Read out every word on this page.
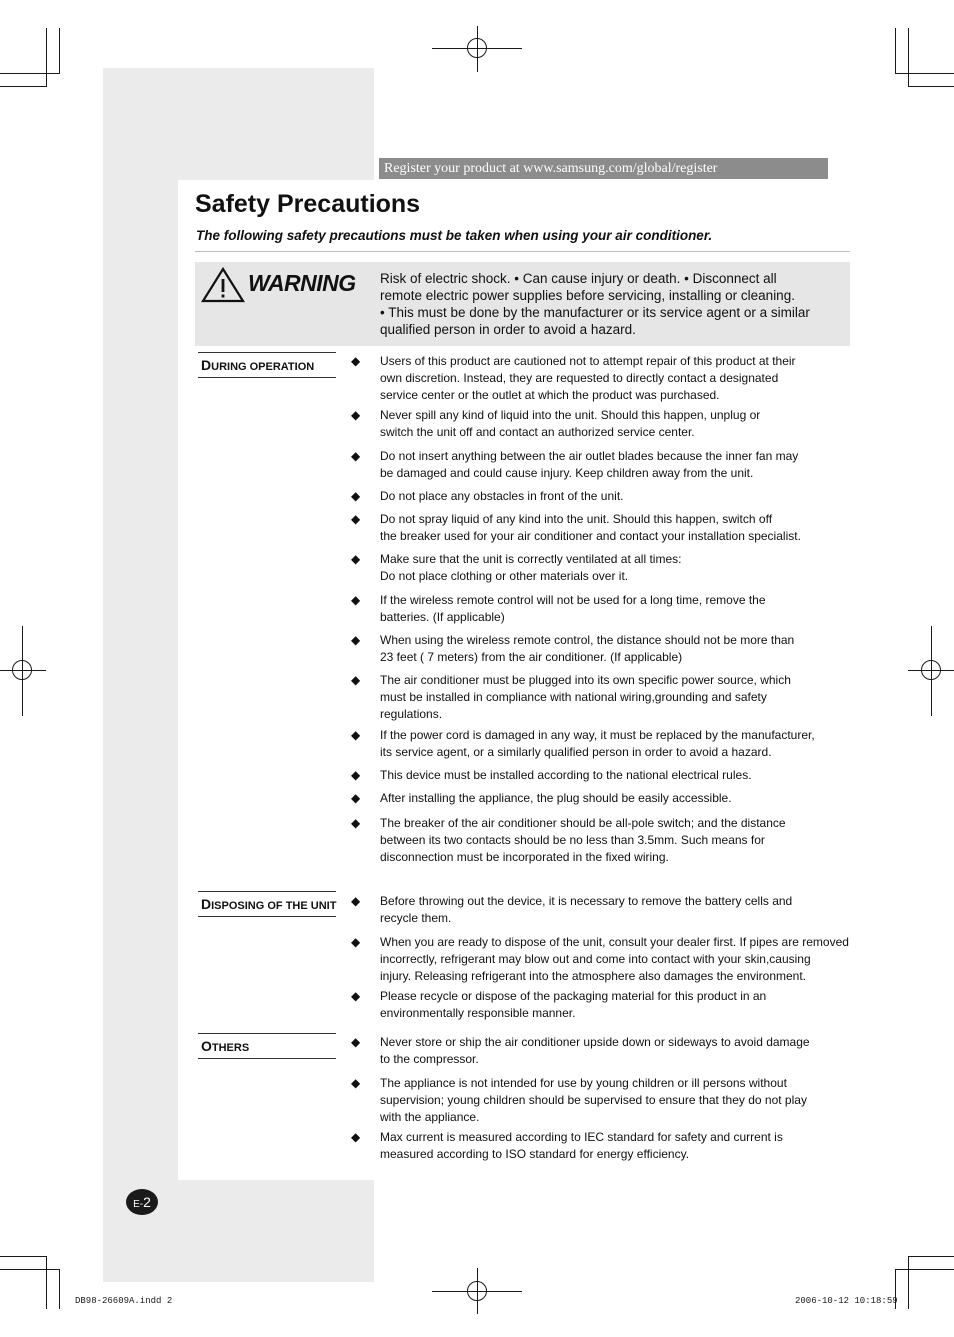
Register your product at www.samsung.com/global/register
Safety Precautions
The following safety precautions must be taken when using your air conditioner.
WARNING Risk of electric shock. • Can cause injury or death. • Disconnect all
remote electric power supplies before servicing, installing or cleaning.
• This must be done by the manufacturer or its service agent or a similar
qualified person in order to avoid a hazard.
DURING OPERATION
DISPOSING OF THE UNIT
OTHERS
◆ Users of this product are cautioned not to attempt repair of this product at their
own discretion. Instead, they are requested to directly contact a designated
service center or the outlet at which the product was purchased.
◆ Never spill any kind of liquid into the unit. Should this happen, unplug or
switch the unit off and contact an authorized service center.
◆ Do not insert anything between the air outlet blades because the inner fan may
be damaged and could cause injury. Keep children away from the unit.
◆ Do not place any obstacles in front of the unit.
◆ Do not spray liquid of any kind into the unit. Should this happen, switch off
the breaker used for your air conditioner and contact your installation specialist.
◆ Make sure that the unit is correctly ventilated at all times:
Do not place clothing or other materials over it.
◆ If the wireless remote control will not be used for a long time, remove the
batteries. (If applicable)
◆ When using the wireless remote control, the distance should not be more than
23 feet ( 7 meters) from the air conditioner. (If applicable)
◆ The air conditioner must be plugged into its own specific power source, which
must be installed in compliance with national wiring,grounding and safety
regulations.
◆ If the power cord is damaged in any way, it must be replaced by the manufacturer,
its service agent, or a similarly qualified person in order to avoid a hazard.
◆ This device must be installed according to the national electrical rules.
◆ After installing the appliance, the plug should be easily accessible.
◆ The breaker of the air conditioner should be all-pole switch; and the distance
between its two contacts should be no less than 3.5mm. Such means for
disconnection must be incorporated in the fixed wiring.
◆ Before throwing out the device, it is necessary to remove the battery cells and
recycle them.
◆ When you are ready to dispose of the unit, consult your dealer first. If pipes are removed
incorrectly, refrigerant may blow out and come into contact with your skin,causing
injury. Releasing refrigerant into the atmosphere also damages the environment.
◆ Please recycle or dispose of the packaging material for this product in an
environmentally responsible manner.
◆ Never store or ship the air conditioner upside down or sideways to avoid damage
to the compressor.
◆ The appliance is not intended for use by young children or ill persons without
supervision; young children should be supervised to ensure that they do not play
with the appliance.
◆ Max current is measured according to IEC standard for safety and current is
measured according to ISO standard for energy efficiency.
E-2
DB98-26609A.indd 2	2006-10-12 10:18:59
